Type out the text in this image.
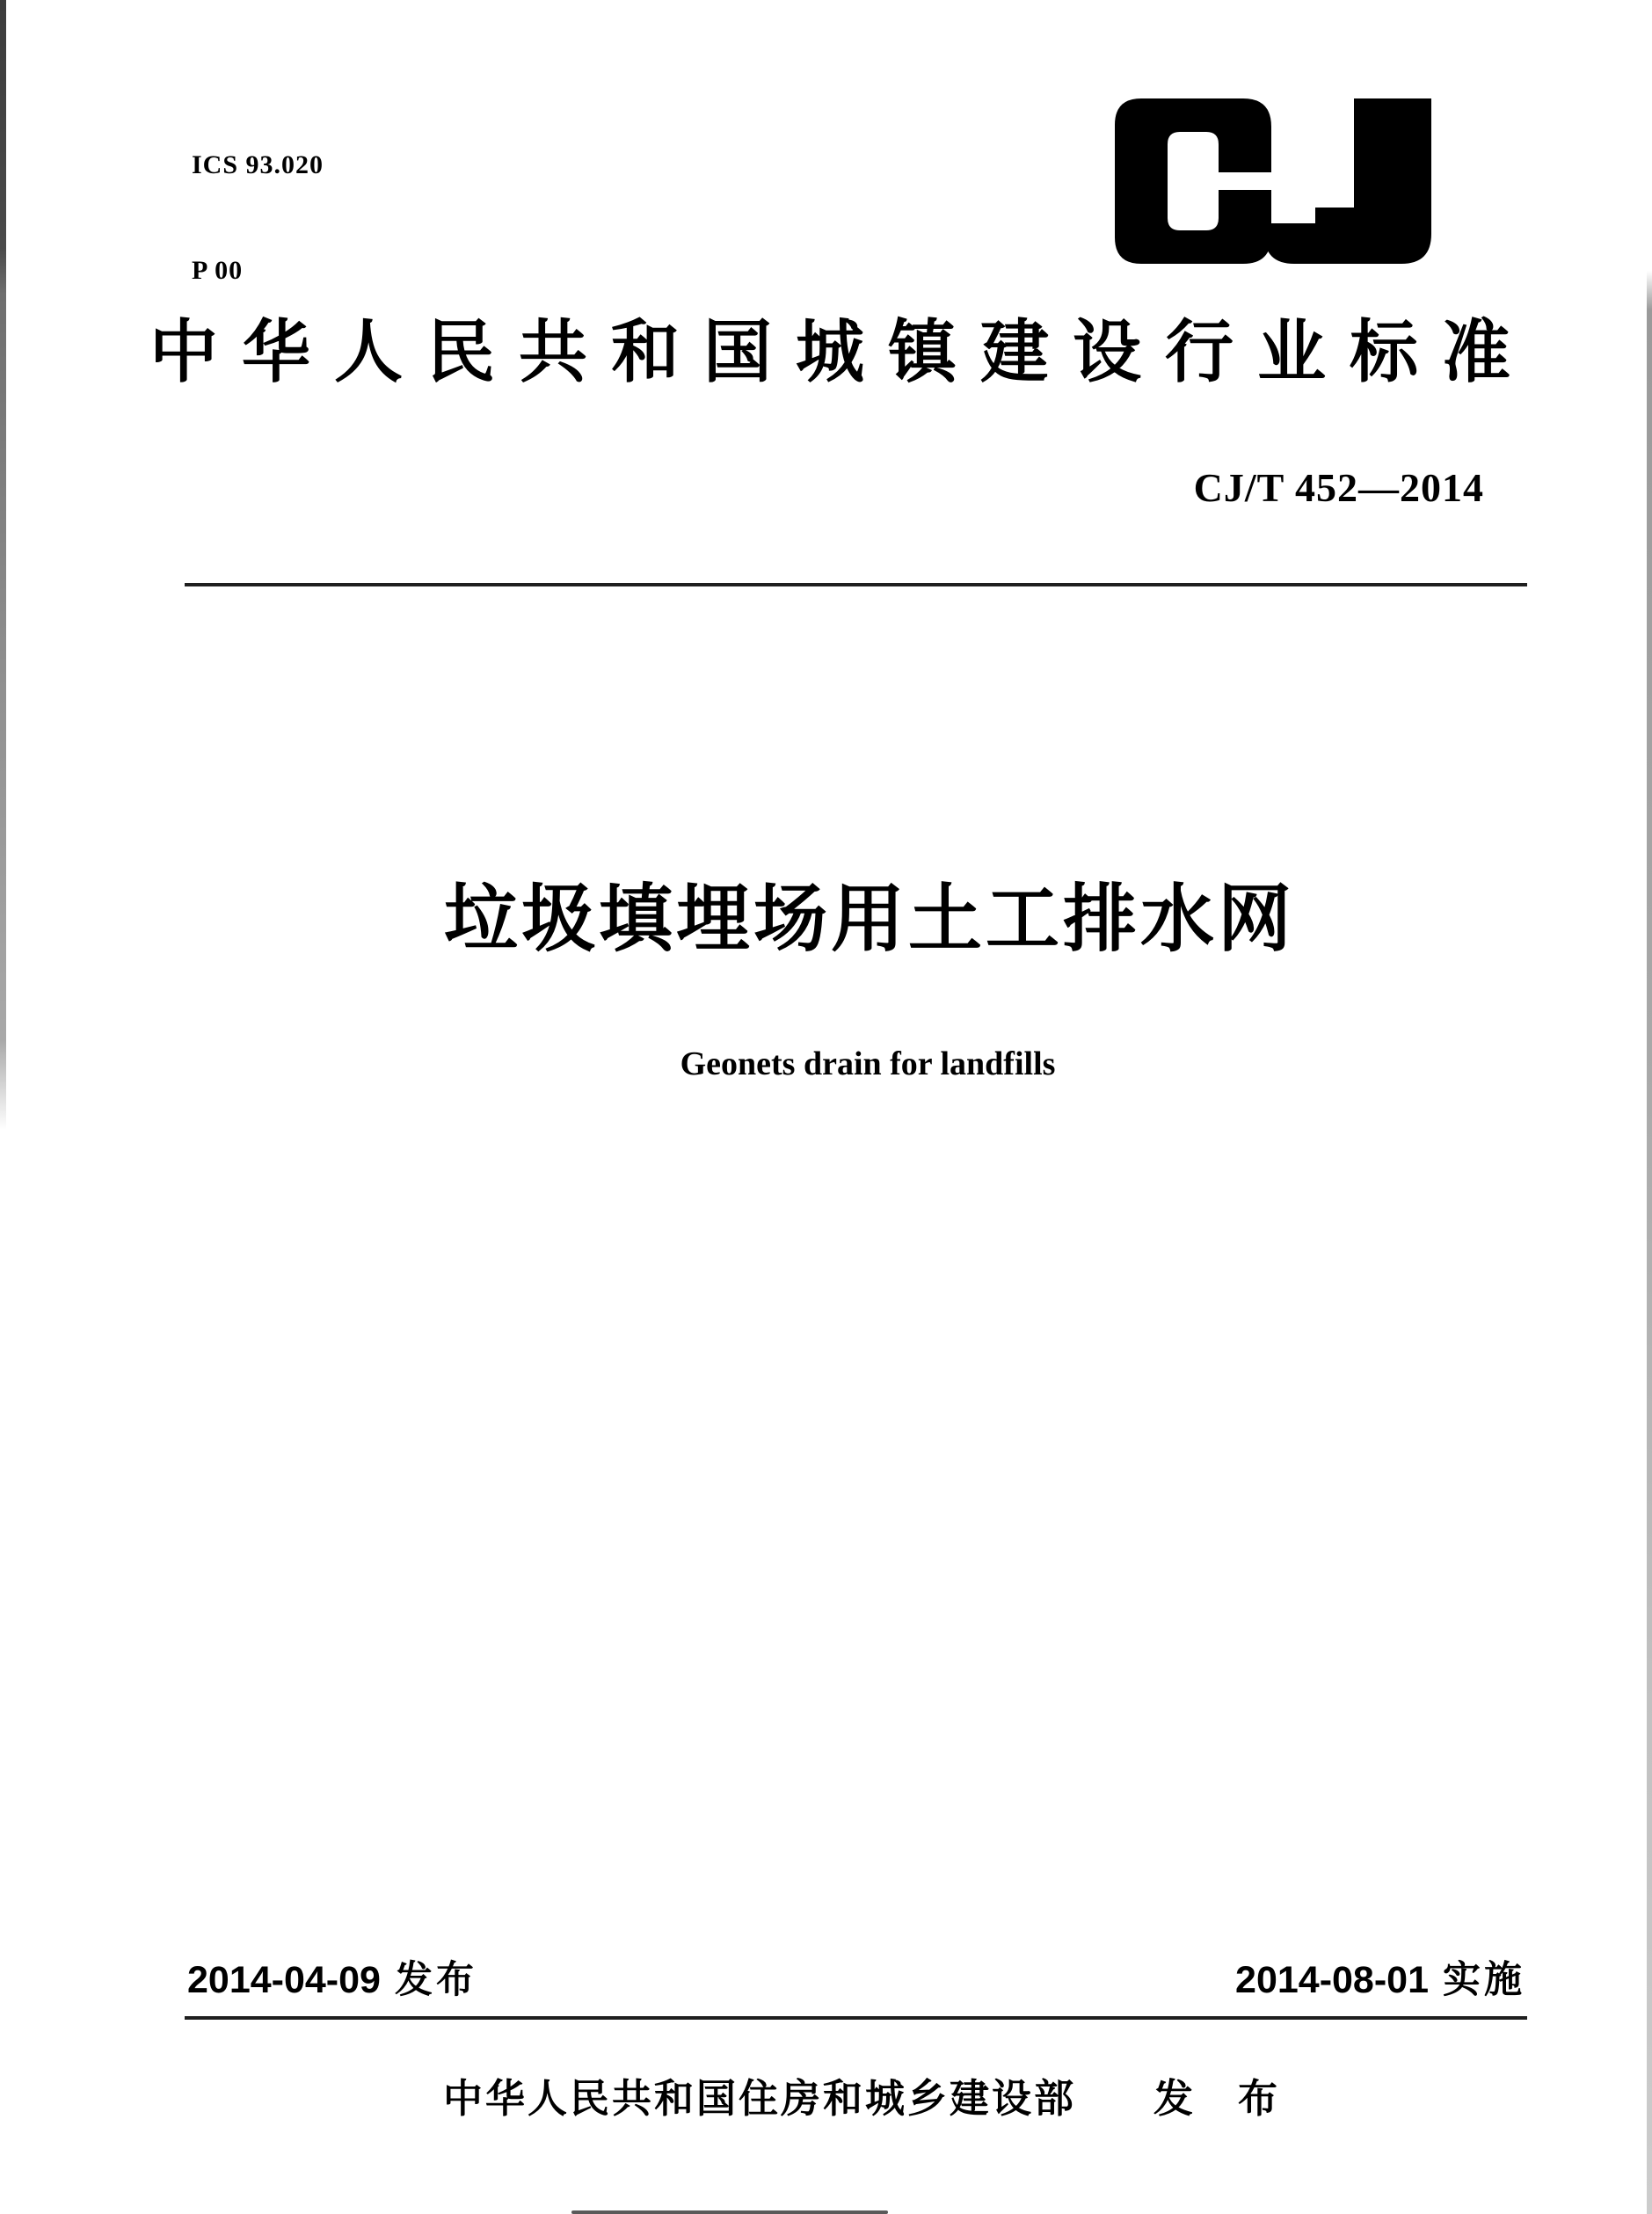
ICS 93.020

P 00

中华人民共和国城镇建设行业标准
CJ/T 452—2014
垃圾填埋场用土工排水网
Geonets drain for landfills
2014-04-09 发布	2014-08-01 实施
中华人民共和国住房和城乡建设部 发　布
